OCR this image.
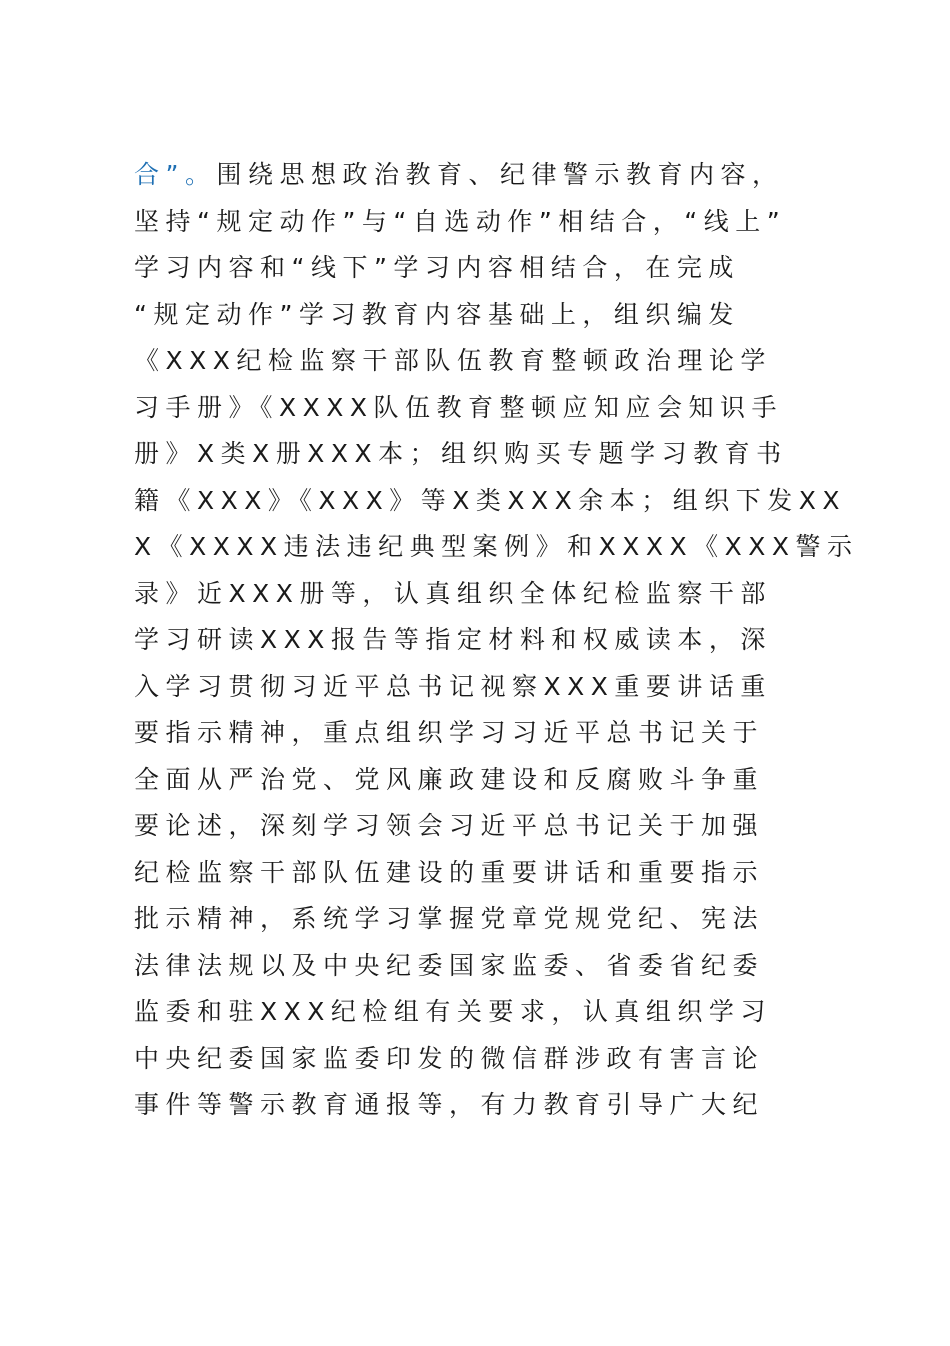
合”。围绕思想政治教育、纪律警示教育内容，
坚持“规定动作”与“自选动作”相结合，“线上”
学习内容和“线下”学习内容相结合，在完成
“规定动作”学习教育内容基础上，组织编发
《XXX纪检监察干部队伍教育整顿政治理论学
习手册》《XXXX队伍教育整顿应知应会知识手
册》X类X册XXX本；组织购买专题学习教育书
籍《XXX》《XXX》等X类XXX余本；组织下发XX
X《XXXX违法违纪典型案例》和XXXX《XXX警示
录》近XXX册等，认真组织全体纪检监察干部
学习研读XXX报告等指定材料和权威读本，深
入学习贯彻习近平总书记视察XXX重要讲话重
要指示精神，重点组织学习习近平总书记关于
全面从严治党、党风廉政建设和反腐败斗争重
要论述，深刻学习领会习近平总书记关于加强
纪检监察干部队伍建设的重要讲话和重要指示
批示精神，系统学习掌握党章党规党纪、宪法
法律法规以及中央纪委国家监委、省委省纪委
监委和驻XXX纪检组有关要求，认真组织学习
中央纪委国家监委印发的微信群涉政有害言论
事件等警示教育通报等，有力教育引导广大纪
